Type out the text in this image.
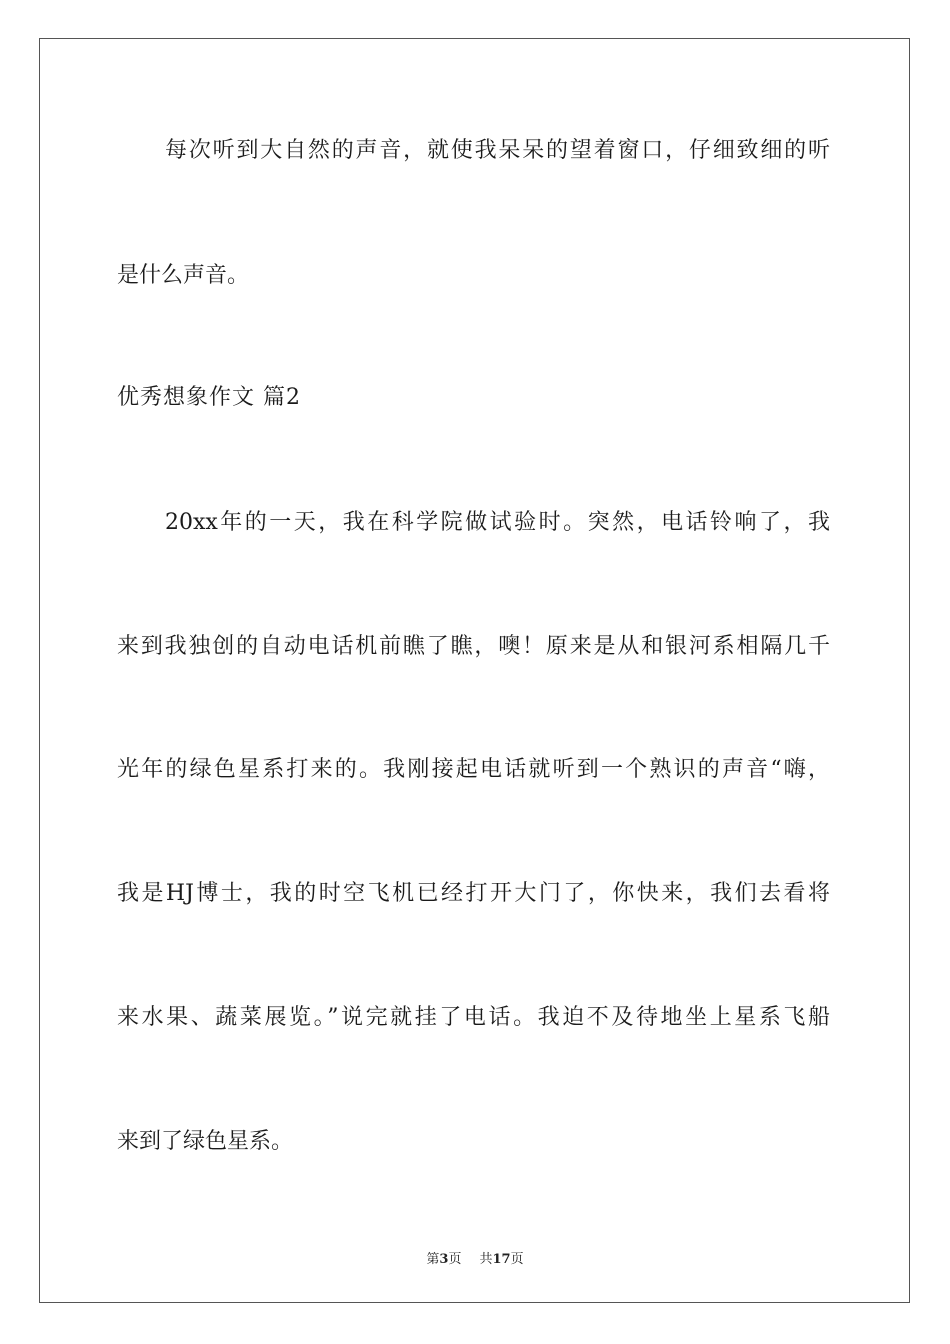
每次听到大自然的声音，就使我呆呆的望着窗口，仔细致细的听
是什么声音。
优秀想象作文 篇2
20xx年的一天，我在科学院做试验时。突然，电话铃响了，我
来到我独创的自动电话机前瞧了瞧，噢！原来是从和银河系相隔几千
光年的绿色星系打来的。我刚接起电话就听到一个熟识的声音“嗨，
我是HJ博士，我的时空飞机已经打开大门了，你快来，我们去看将
来水果、蔬菜展览。”说完就挂了电话。我迫不及待地坐上星系飞船
来到了绿色星系。
第3页 共17页
